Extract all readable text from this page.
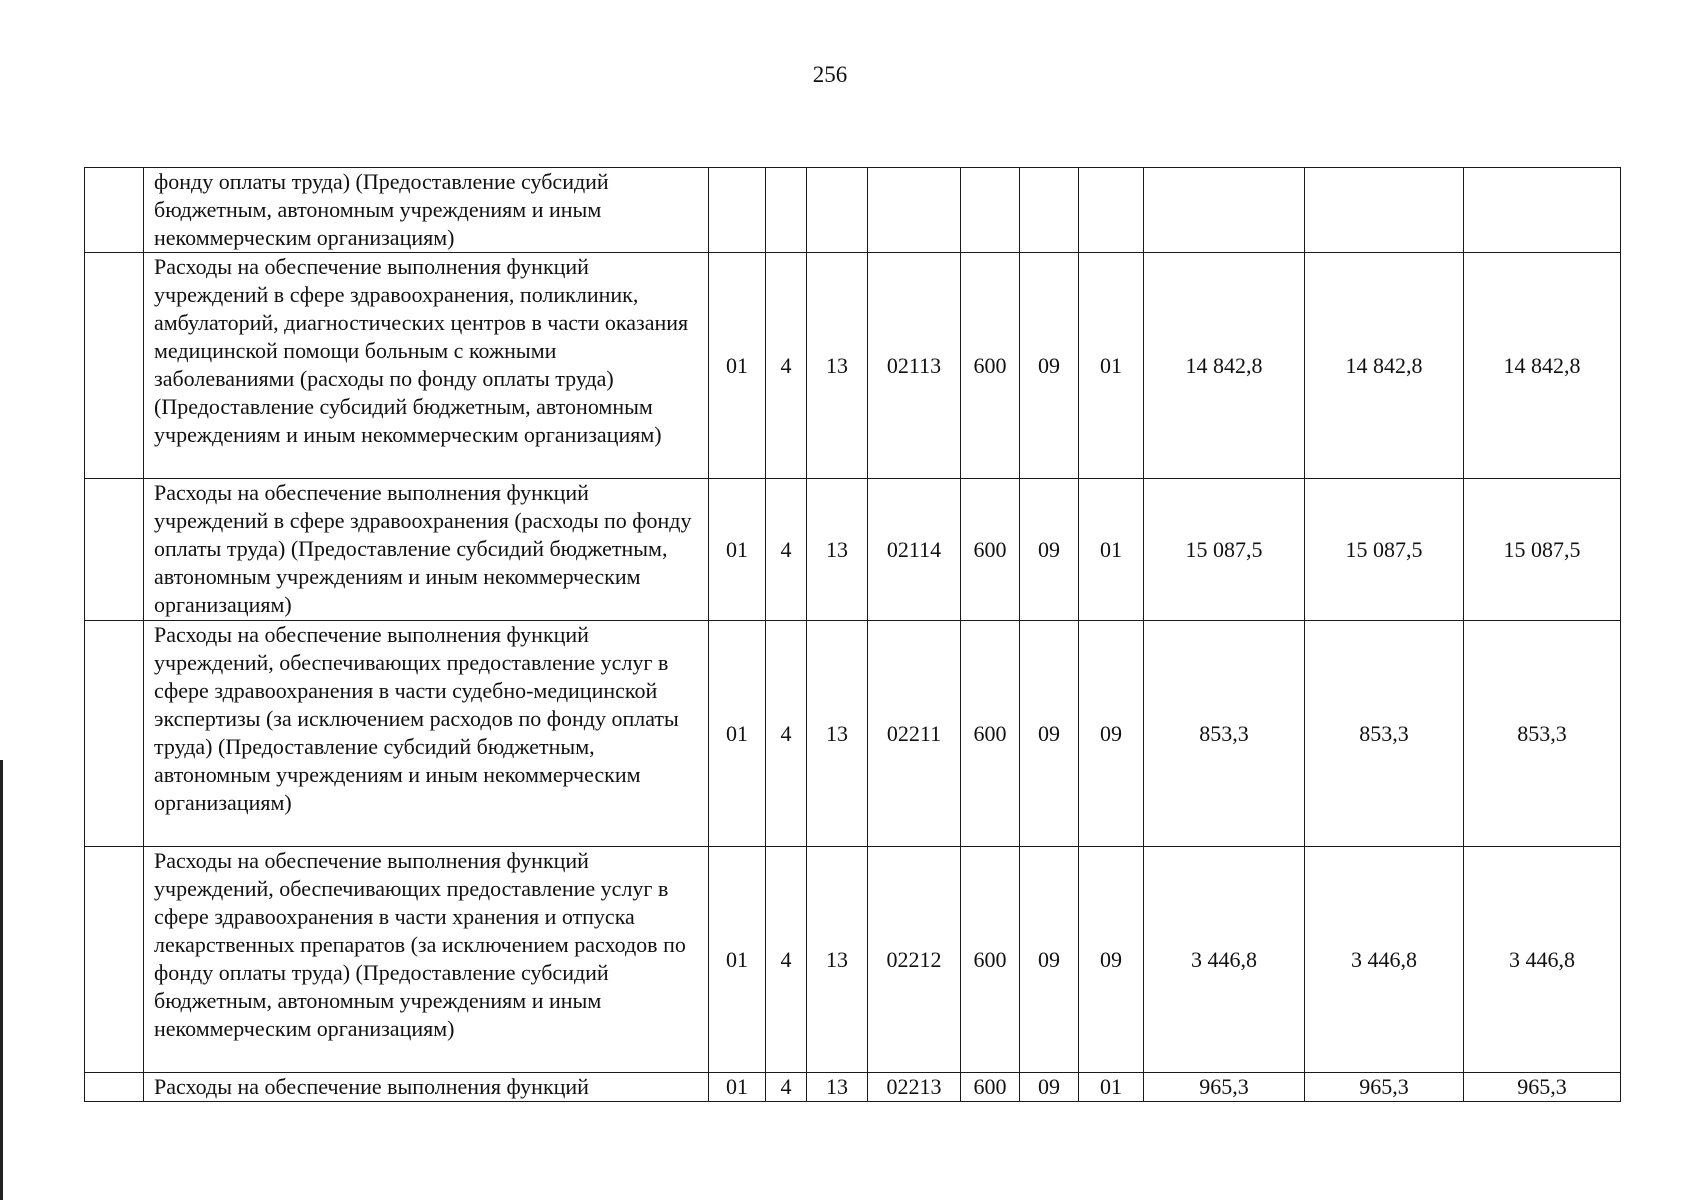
256
	фонду оплаты труда) (Предоставление субсидий бюджетным, автономным учреждениям и иным некоммерческим организациям)										
	Расходы на обеспечение выполнения функций учреждений в сфере здравоохранения, поликлиник, амбулаторий, диагностических центров в части оказания медицинской помощи больным с кожными заболеваниями (расходы по фонду оплаты труда) (Предоставление субсидий бюджетным, автономным учреждениям и иным некоммерческим организациям)	01	4	13	02113	600	09	01	14 842,8	14 842,8	14 842,8
	Расходы на обеспечение выполнения функций учреждений в сфере здравоохранения (расходы по фонду оплаты труда) (Предоставление субсидий бюджетным, автономным учреждениям и иным некоммерческим организациям)	01	4	13	02114	600	09	01	15 087,5	15 087,5	15 087,5
	Расходы на обеспечение выполнения функций учреждений, обеспечивающих предоставление услуг в сфере здравоохранения в части судебно-медицинской экспертизы (за исключением расходов по фонду оплаты труда) (Предоставление субсидий бюджетным, автономным учреждениям и иным некоммерческим организациям)	01	4	13	02211	600	09	09	853,3	853,3	853,3
	Расходы на обеспечение выполнения функций учреждений, обеспечивающих предоставление услуг в сфере здравоохранения в части хранения и отпуска лекарственных препаратов (за исключением расходов по фонду оплаты труда) (Предоставление субсидий бюджетным, автономным учреждениям и иным некоммерческим организациям)	01	4	13	02212	600	09	09	3 446,8	3 446,8	3 446,8
	Расходы на обеспечение выполнения функций	01	4	13	02213	600	09	01	965,3	965,3	965,3
